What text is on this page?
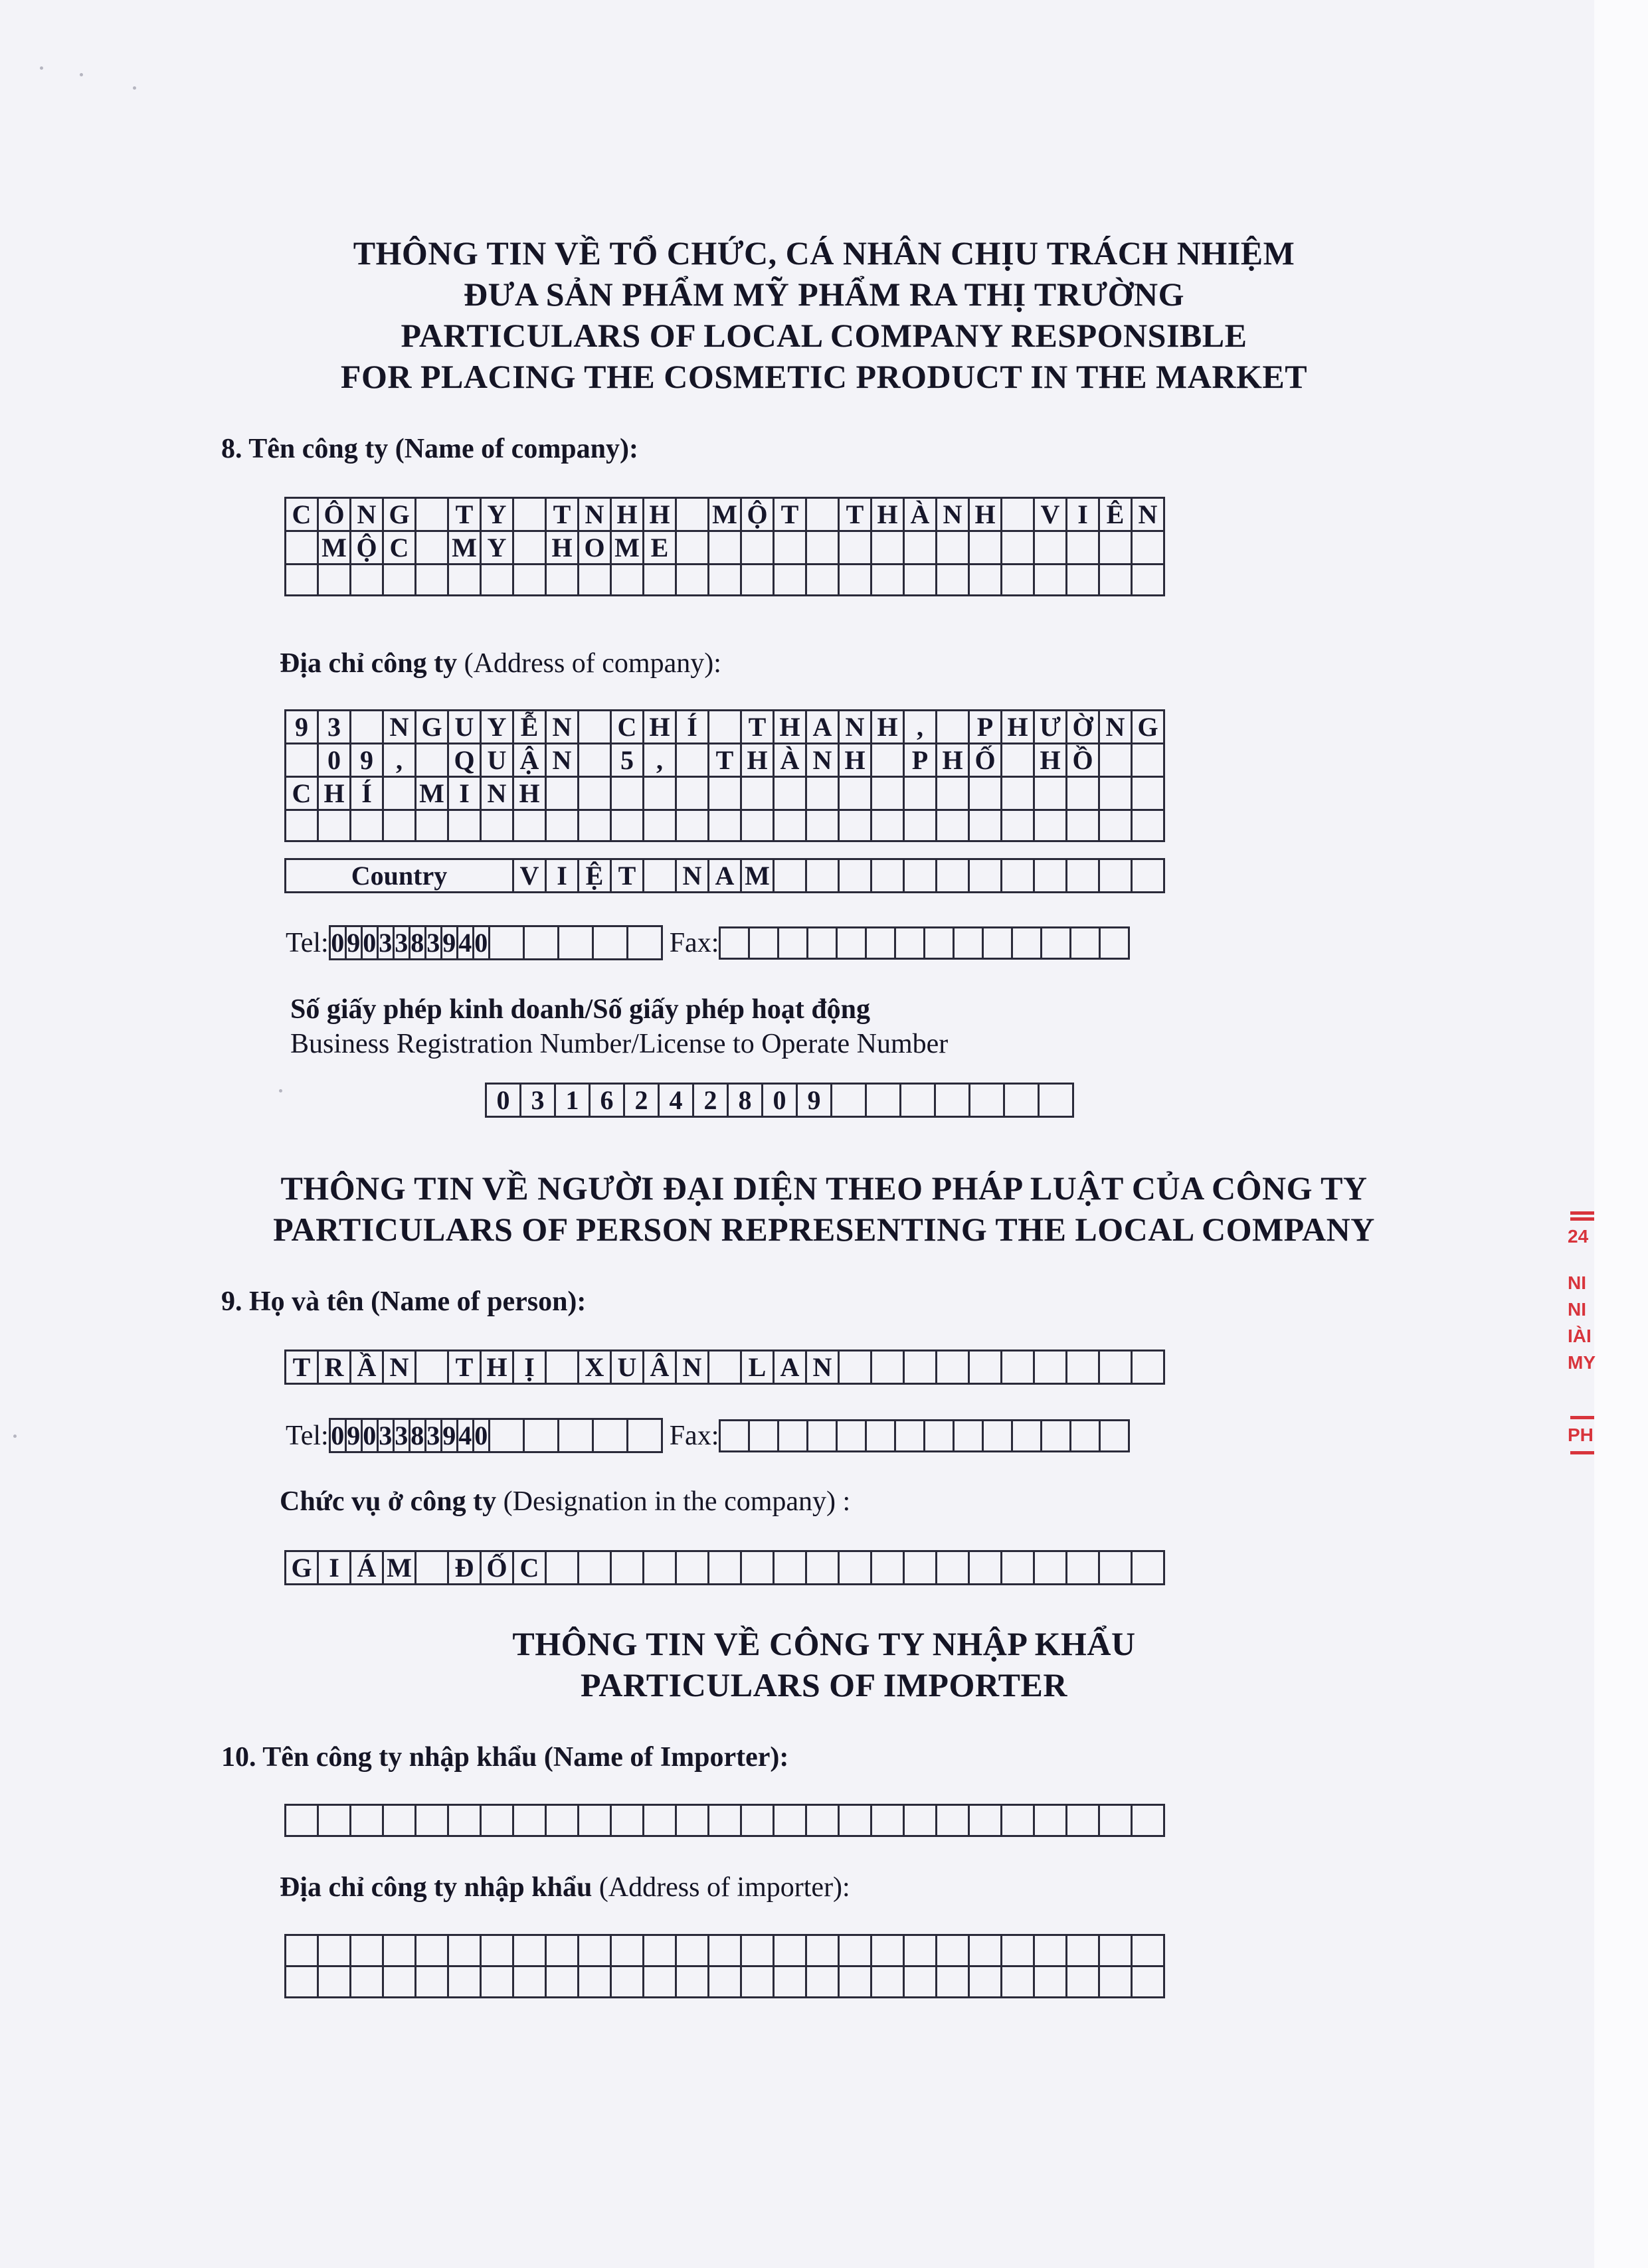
THÔNG TIN VỀ TỔ CHỨC, CÁ NHÂN CHỊU TRÁCH NHIỆM
ĐƯA SẢN PHẨM MỸ PHẨM RA THỊ TRƯỜNG
PARTICULARS OF LOCAL COMPANY RESPONSIBLE
FOR PLACING THE COSMETIC PRODUCT IN THE MARKET
8. Tên công ty (Name of company):
C	Ô	N	G		T	Y		T	N	H	H		M	Ộ	T		T	H	À	N	H		V	I	Ê	N
	M	Ộ	C		M	Y		H	O	M	E															

Địa chỉ công ty (Address of company):
9	3		N	G	U	Y	Ễ	N		C	H	Í		T	H	A	N	H	,		P	H	Ư	Ờ	N	G
	0	9	,		Q	U	Ậ	N		5	,		T	H	À	N	H		P	H	Ố		H	Ồ		
C	H	Í		M	I	N	H																			

Country	V	I	Ệ	T		N	A	M												
Tel: 0	9	0	3	3	8	3	9	4	0						Fax:

Số giấy phép kinh doanh/Số giấy phép hoạt động
Business Registration Number/License to Operate Number
0	3	1	6	2	4	2	8	0	9							
THÔNG TIN VỀ NGƯỜI ĐẠI DIỆN THEO PHÁP LUẬT CỦA CÔNG TY
PARTICULARS OF PERSON REPRESENTING THE LOCAL COMPANY
9. Họ và tên (Name of person):
T	R	Ầ	N		T	H	Ị		X	U	Â	N		L	A	N										
Tel: 0	9	0	3	3	8	3	9	4	0						Fax:

Chức vụ ở công ty (Designation in the company) :
G	I	Á	M		Đ	Ố	C																			
THÔNG TIN VỀ CÔNG TY NHẬP KHẨU
PARTICULARS OF IMPORTER
10. Tên công ty nhập khẩu (Name of Importer):

Địa chỉ công ty nhập khẩu (Address of importer):

24
NI
NI
IÀI
MY
PH
